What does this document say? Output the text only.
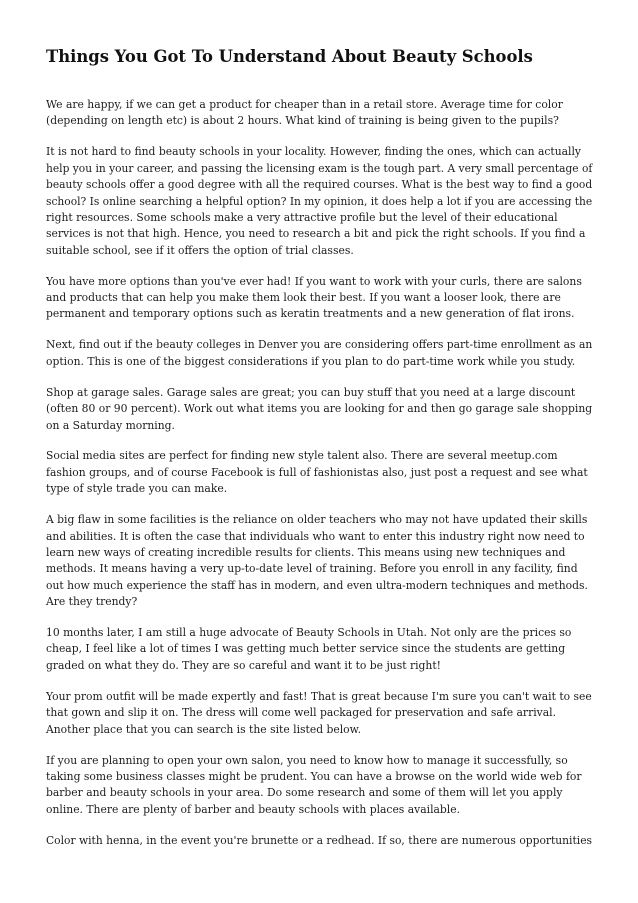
Things You Got To Understand About Beauty Schools

We are happy, if we can get a product for cheaper than in a retail store. Average time for color
(depending on length etc) is about 2 hours. What kind of training is being given to the pupils?

It is not hard to find beauty schools in your locality. However, finding the ones, which can actually
help you in your career, and passing the licensing exam is the tough part. A very small percentage of
beauty schools offer a good degree with all the required courses. What is the best way to find a good
school? Is online searching a helpful option? In my opinion, it does help a lot if you are accessing the
right resources. Some schools make a very attractive profile but the level of their educational
services is not that high. Hence, you need to research a bit and pick the right schools. If you find a
suitable school, see if it offers the option of trial classes.

You have more options than you've ever had! If you want to work with your curls, there are salons
and products that can help you make them look their best. If you want a looser look, there are
permanent and temporary options such as keratin treatments and a new generation of flat irons.

Next, find out if the beauty colleges in Denver you are considering offers part-time enrollment as an
option. This is one of the biggest considerations if you plan to do part-time work while you study.

Shop at garage sales. Garage sales are great; you can buy stuff that you need at a large discount
(often 80 or 90 percent). Work out what items you are looking for and then go garage sale shopping
on a Saturday morning.

Social media sites are perfect for finding new style talent also. There are several meetup.com
fashion groups, and of course Facebook is full of fashionistas also, just post a request and see what
type of style trade you can make.

A big flaw in some facilities is the reliance on older teachers who may not have updated their skills
and abilities. It is often the case that individuals who want to enter this industry right now need to
learn new ways of creating incredible results for clients. This means using new techniques and
methods. It means having a very up-to-date level of training. Before you enroll in any facility, find
out how much experience the staff has in modern, and even ultra-modern techniques and methods.
Are they trendy?

10 months later, I am still a huge advocate of Beauty Schools in Utah. Not only are the prices so
cheap, I feel like a lot of times I was getting much better service since the students are getting
graded on what they do. They are so careful and want it to be just right!

Your prom outfit will be made expertly and fast! That is great because I'm sure you can't wait to see
that gown and slip it on. The dress will come well packaged for preservation and safe arrival.
Another place that you can search is the site listed below.

If you are planning to open your own salon, you need to know how to manage it successfully, so
taking some business classes might be prudent. You can have a browse on the world wide web for
barber and beauty schools in your area. Do some research and some of them will let you apply
online. There are plenty of barber and beauty schools with places available.

Color with henna, in the event you're brunette or a redhead. If so, there are numerous opportunities
